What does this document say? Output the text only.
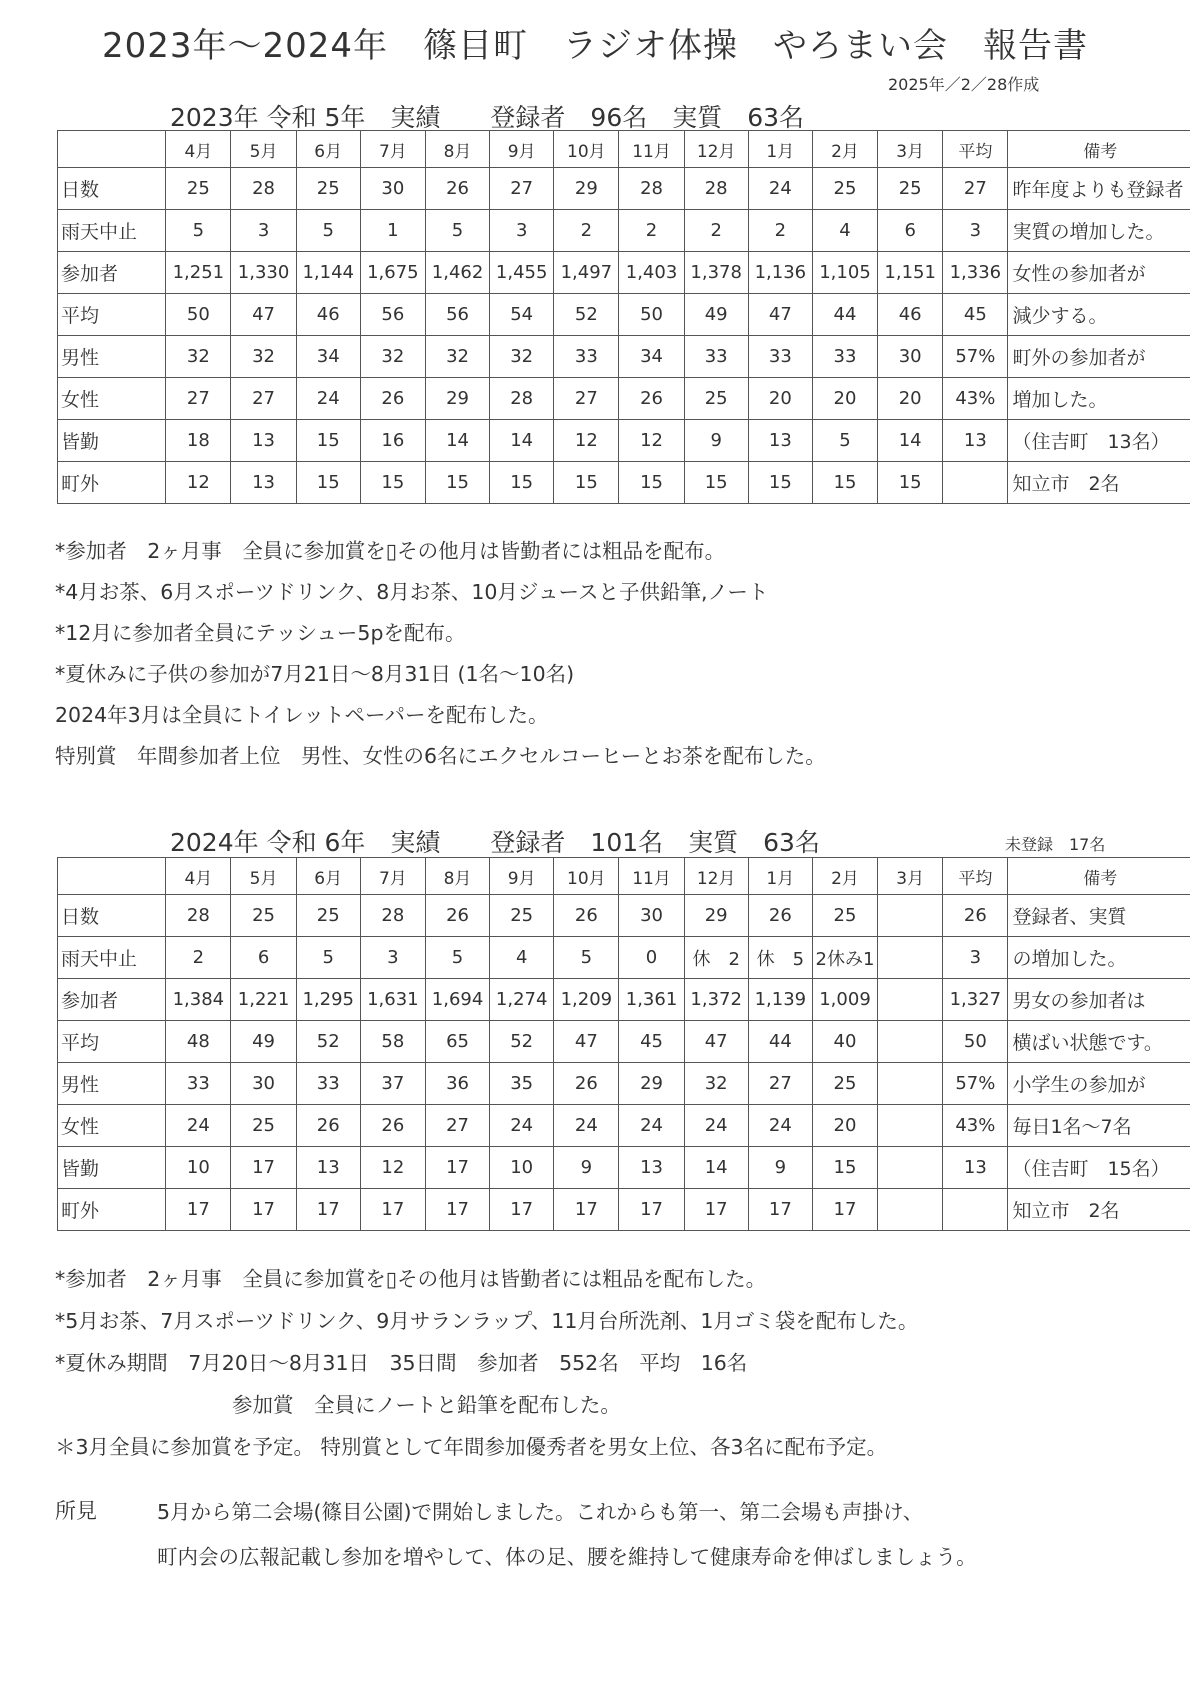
2023年～2024年　篠目町　ラジオ体操　やろまい会　報告書
2025年／2／28作成
2023年 令和 5年　実績　　登録者　96名　実質　63名
	4月	5月	6月	7月	8月	9月	10月	11月	12月	1月	2月	3月	平均	備考
日数	25	28	25	30	26	27	29	28	28	24	25	25	27	昨年度よりも登録者
雨天中止	5	3	5	1	5	3	2	2	2	2	4	6	3	実質の増加した。
参加者	1,251	1,330	1,144	1,675	1,462	1,455	1,497	1,403	1,378	1,136	1,105	1,151	1,336	女性の参加者が
平均	50	47	46	56	56	54	52	50	49	47	44	46	45	減少する。
男性	32	32	34	32	32	32	33	34	33	33	33	30	57%	町外の参加者が
女性	27	27	24	26	29	28	27	26	25	20	20	20	43%	増加した。
皆勤	18	13	15	16	14	14	12	12	9	13	5	14	13	（住吉町　13名）
町外	12	13	15	15	15	15	15	15	15	15	15	15		知立市　2名
*参加者　2ヶ月事　全員に参加賞を▯その他月は皆勤者には粗品を配布。
*4月お茶、6月スポーツドリンク、8月お茶、10月ジュースと子供鉛筆,ノート
*12月に参加者全員にテッシュー5pを配布。
*夏休みに子供の参加が7月21日～8月31日 (1名～10名)
2024年3月は全員にトイレットペーパーを配布した。
特別賞　年間参加者上位　男性、女性の6名にエクセルコーヒーとお茶を配布した。
2024年 令和 6年　実績　　登録者　101名　実質　63名	未登録　17名
	4月	5月	6月	7月	8月	9月	10月	11月	12月	1月	2月	3月	平均	備考
日数	28	25	25	28	26	25	26	30	29	26	25		26	登録者、実質
雨天中止	2	6	5	3	5	4	5	0	休　2	休　5	2休み1		3	の増加した。
参加者	1,384	1,221	1,295	1,631	1,694	1,274	1,209	1,361	1,372	1,139	1,009		1,327	男女の参加者は
平均	48	49	52	58	65	52	47	45	47	44	40		50	横ばい状態です。
男性	33	30	33	37	36	35	26	29	32	27	25		57%	小学生の参加が
女性	24	25	26	26	27	24	24	24	24	24	20		43%	毎日1名～7名
皆勤	10	17	13	12	17	10	9	13	14	9	15		13	（住吉町　15名）
町外	17	17	17	17	17	17	17	17	17	17	17			知立市　2名
*参加者　2ヶ月事　全員に参加賞を▯その他月は皆勤者には粗品を配布した。
*5月お茶、7月スポーツドリンク、9月サランラップ、11月台所洗剤、1月ゴミ袋を配布した。
*夏休み期間　7月20日～8月31日　35日間　参加者　552名　平均　16名
参加賞　全員にノートと鉛筆を配布した。
＊3月全員に参加賞を予定。 特別賞として年間参加優秀者を男女上位、各3名に配布予定。
所見	5月から第二会場(篠目公園)で開始しました。これからも第一、第二会場も声掛け、
町内会の広報記載し参加を増やして、体の足、腰を維持して健康寿命を伸ばしましょう。
